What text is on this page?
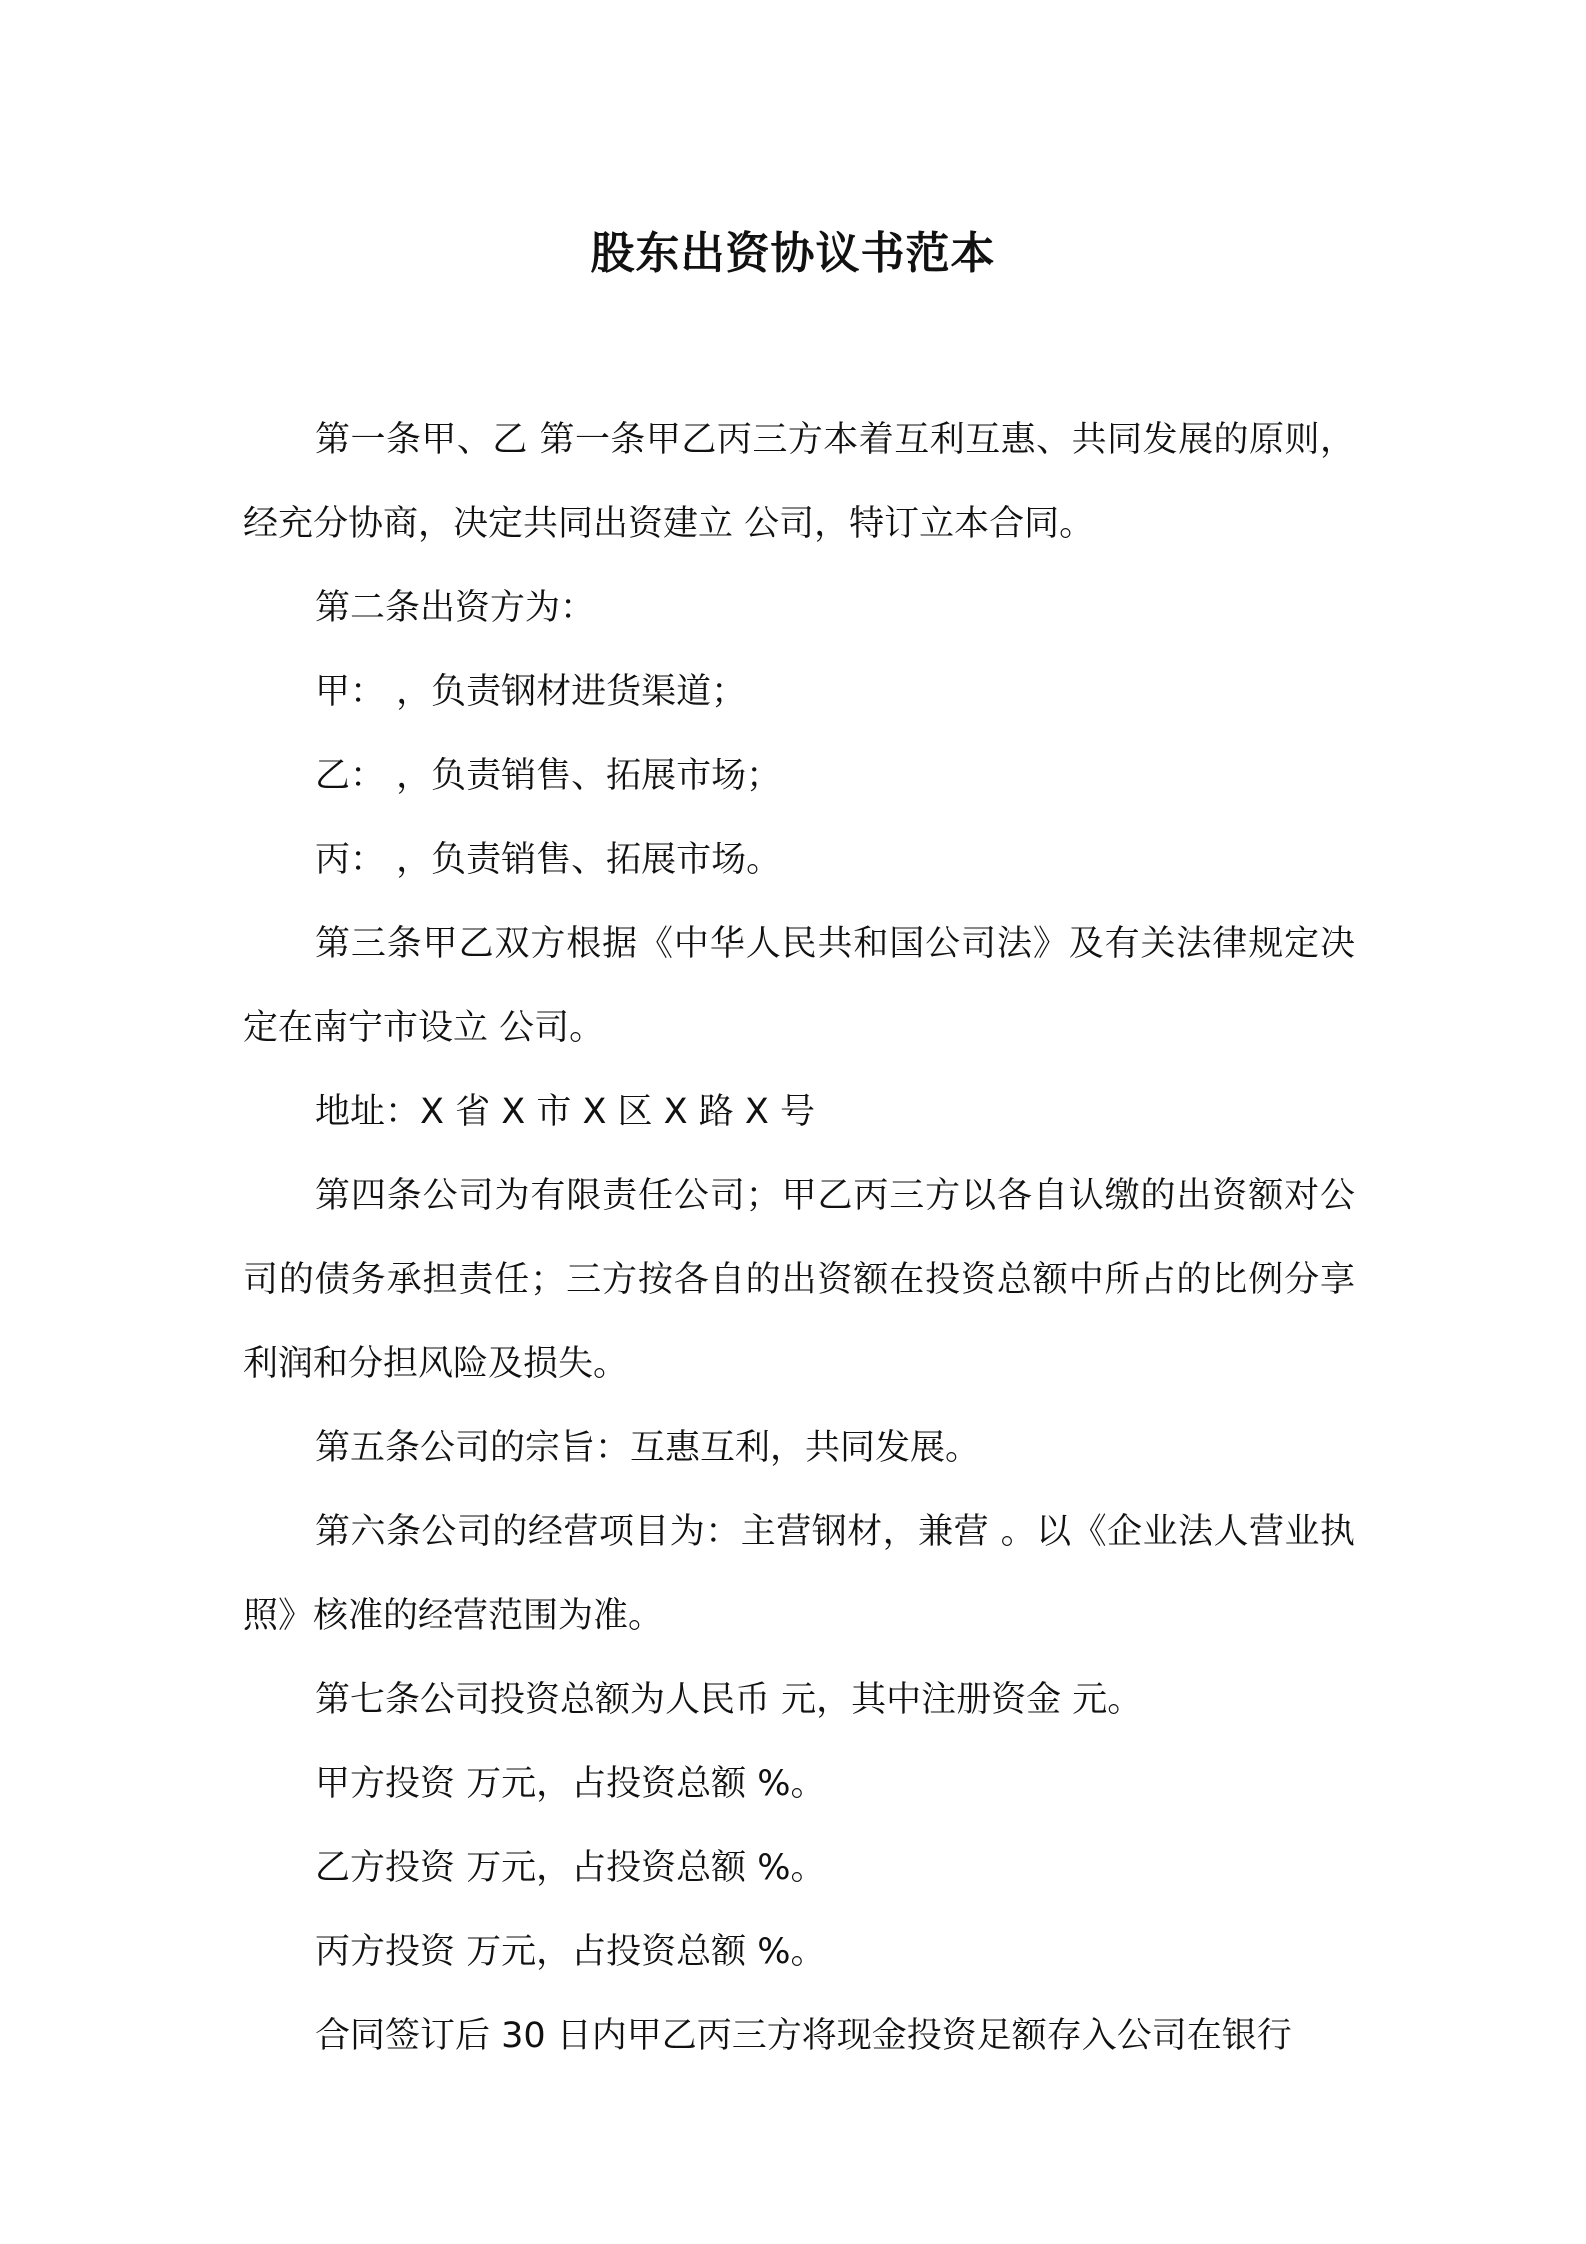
股东出资协议书范本

第一条甲、乙 第一条甲乙丙三方本着互利互惠、共同发展的原则，经充分协商，决定共同出资建立 公司，特订立本合同。

第二条出资方为：

甲： ，负责钢材进货渠道；

乙： ，负责销售、拓展市场；

丙： ，负责销售、拓展市场。

第三条甲乙双方根据《中华人民共和国公司法》及有关法律规定决定在南宁市设立 公司。

地址：X 省 X 市 X 区 X 路 X 号

第四条公司为有限责任公司；甲乙丙三方以各自认缴的出资额对公司的债务承担责任；三方按各自的出资额在投资总额中所占的比例分享利润和分担风险及损失。

第五条公司的宗旨：互惠互利，共同发展。

第六条公司的经营项目为：主营钢材，兼营 。以《企业法人营业执照》核准的经营范围为准。

第七条公司投资总额为人民币 元，其中注册资金 元。

甲方投资 万元，占投资总额 %。

乙方投资 万元，占投资总额 %。

丙方投资 万元，占投资总额 %。

合同签订后 30 日内甲乙丙三方将现金投资足额存入公司在银行
